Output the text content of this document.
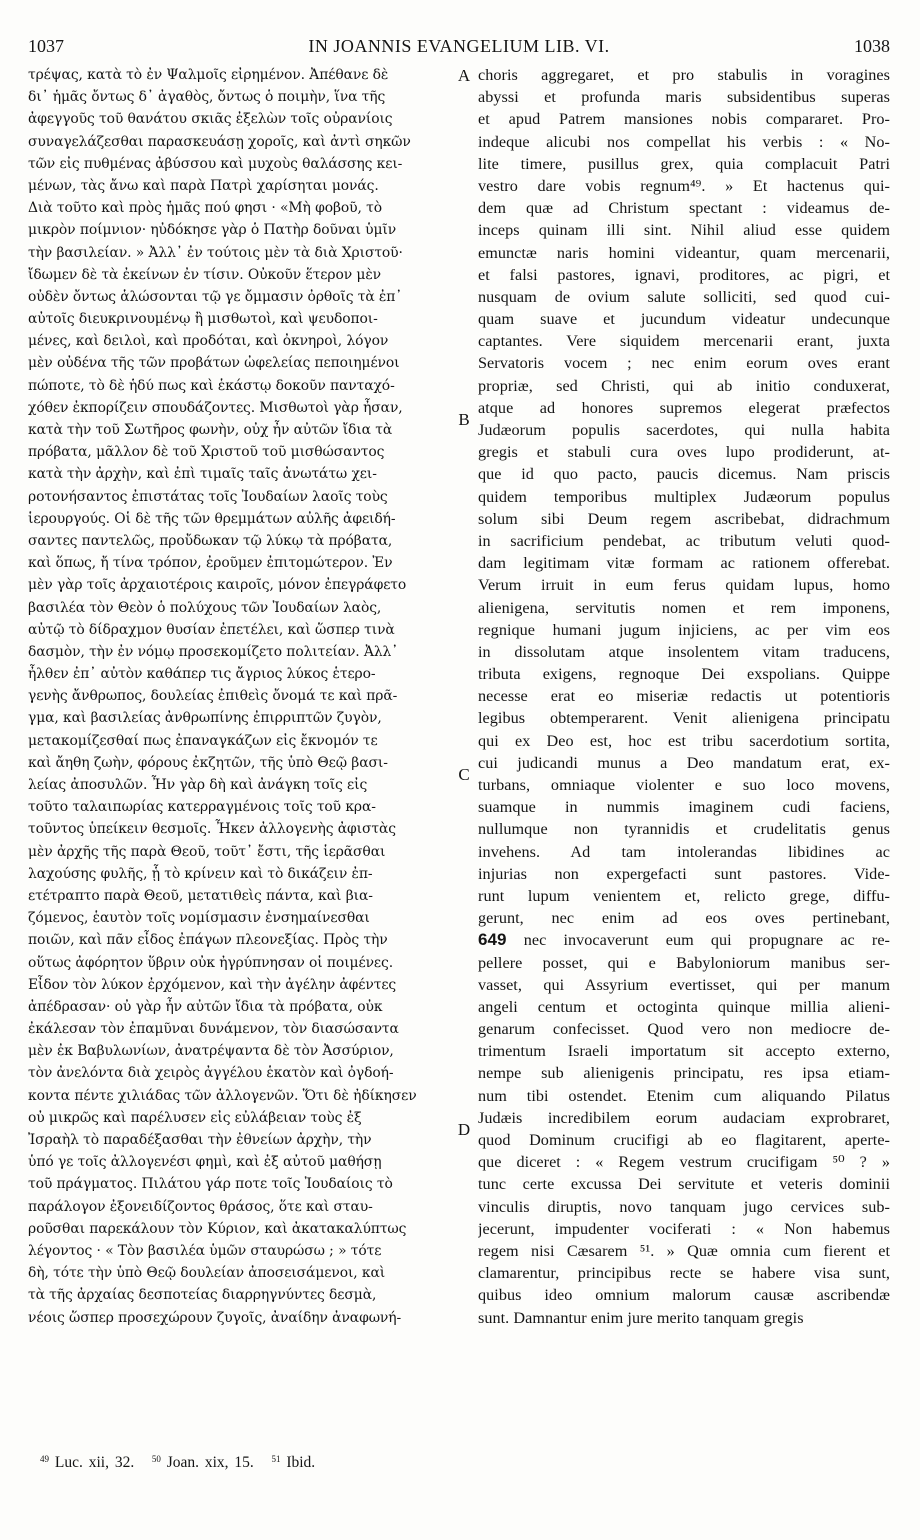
1037	IN JOANNIS EVANGELIUM LIB. VI.	1038
τρέψας, κατὰ τὸ ἐν Ψαλμοῖς εἰρημένον. Ἀπέθανε δὲ
δι᾽ ἡμᾶς ὄντως δ᾽ ἀγαθὸς, ὄντως ὁ ποιμὴν, ἵνα τῆς
ἀφεγγοῦς τοῦ θανάτου σκιᾶς ἐξελὼν τοῖς οὐρανίοις
συναγελάζεσθαι παρασκευάσῃ χοροῖς, καὶ ἀντὶ σηκῶν
τῶν εἰς πυθμένας ἀβύσσου καὶ μυχοὺς θαλάσσης κει-
μένων, τὰς ἄνω καὶ παρὰ Πατρὶ χαρίσηται μονάς.
Διὰ τοῦτο καὶ πρὸς ἡμᾶς πού φησι · «Μὴ φοβοῦ, τὸ
μικρὸν ποίμνιον· ηὐδόκησε γὰρ ὁ Πατὴρ δοῦναι ὑμῖν
τὴν βασιλείαν. » Ἀλλ᾽ ἐν τούτοις μὲν τὰ διὰ Χριστοῦ·
ἴδωμεν δὲ τὰ ἐκείνων ἐν τίσιν. Οὐκοῦν ἕτερον μὲν
οὐδὲν ὄντως ἁλώσονται τῷ γε ὄμμασιν ὀρθοῖς τὰ ἐπ᾽
αὐτοῖς διευκρινουμένῳ ἢ μισθωτοὶ, καὶ ψευδοποι-
μένες, καὶ δειλοὶ, καὶ προδόται, καὶ ὀκνηροὶ, λόγον
μὲν οὐδένα τῆς τῶν προβάτων ὠφελείας πεποιημένοι
πώποτε, τὸ δὲ ἡδύ πως καὶ ἑκάστῳ δοκοῦν πανταχό-
χόθεν ἐκπορίζειν σπουδάζοντες. Μισθωτοὶ γὰρ ἦσαν,
κατὰ τὴν τοῦ Σωτῆρος φωνὴν, οὐχ ἦν αὐτῶν ἴδια τὰ
πρόβατα, μᾶλλον δὲ τοῦ Χριστοῦ τοῦ μισθώσαντος
κατὰ τὴν ἀρχὴν, καὶ ἐπὶ τιμαῖς ταῖς ἀνωτάτω χει-
ροτονήσαντος ἐπιστάτας τοῖς Ἰουδαίων λαοῖς τοὺς
ἱερουργούς. Οἱ δὲ τῆς τῶν θρεμμάτων αὐλῆς ἀφειδή-
σαντες παντελῶς, προὔδωκαν τῷ λύκῳ τὰ πρόβατα,
καὶ ὅπως, ἤ τίνα τρόπον, ἐροῦμεν ἐπιτομώτερον. Ἐν
μὲν γὰρ τοῖς ἀρχαιοτέροις καιροῖς, μόνον ἐπεγράφετο
βασιλέα τὸν Θεὸν ὁ πολύχους τῶν Ἰουδαίων λαὸς,
αὐτῷ τὸ δίδραχμον θυσίαν ἐπετέλει, καὶ ὥσπερ τινὰ
δασμὸν, τὴν ἐν νόμῳ προσεκομίζετο πολιτείαν. Ἀλλ᾽
ἦλθεν ἐπ᾽ αὐτὸν καθάπερ τις ἄγριος λύκος ἑτερο-
γενὴς ἄνθρωπος, δουλείας ἐπιθεὶς ὄνομά τε καὶ πρᾶ-
γμα, καὶ βασιλείας ἀνθρωπίνης ἐπιρριπτῶν ζυγὸν,
μετακομίζεσθαί πως ἐπαναγκάζων εἰς ἔκνομόν τε
καὶ ἄηθη ζωὴν, φόρους ἐκζητῶν, τῆς ὑπὸ Θεῷ βασι-
λείας ἀποσυλῶν. Ἦν γὰρ δὴ καὶ ἀνάγκη τοῖς εἰς
τοῦτο ταλαιπωρίας κατερραγμένοις τοῖς τοῦ κρα-
τοῦντος ὑπείκειν θεσμοῖς. Ἦκεν ἀλλογενὴς ἀφιστὰς
μὲν ἀρχῆς τῆς παρὰ Θεοῦ, τοῦτ᾽ ἔστι, τῆς ἱερᾶσθαι
λαχούσης φυλῆς, ᾗ τὸ κρίνειν καὶ τὸ δικάζειν ἐπ-
ετέτραπτο παρὰ Θεοῦ, μετατιθεὶς πάντα, καὶ βια-
ζόμενος, ἑαυτὸν τοῖς νομίσμασιν ἐνσημαίνεσθαι
ποιῶν, καὶ πᾶν εἶδος ἐπάγων πλεονεξίας. Πρὸς τὴν
οὕτως ἀφόρητον ὕβριν οὐκ ἠγρύπνησαν οἱ ποιμένες.
Εἶδον τὸν λύκον ἐρχόμενον, καὶ τὴν ἀγέλην ἀφέντες
ἀπέδρασαν· οὐ γὰρ ἦν αὐτῶν ἴδια τὰ πρόβατα, οὐκ
ἐκάλεσαν τὸν ἐπαμῦναι δυνάμενον, τὸν διασώσαντα
μὲν ἐκ Βαβυλωνίων, ἀνατρέψαντα δὲ τὸν Ἀσσύριον,
τὸν ἀνελόντα διὰ χειρὸς ἀγγέλου ἑκατὸν καὶ ὀγδοή-
κοντα πέντε χιλιάδας τῶν ἀλλογενῶν. Ὅτι δὲ ἠδίκησεν
οὐ μικρῶς καὶ παρέλυσεν εἰς εὐλάβειαν τοὺς ἐξ
Ἰσραὴλ τὸ παραδέξασθαι τὴν ἐθνείων ἀρχὴν, τὴν
ὑπό γε τοῖς ἀλλογενέσι φημὶ, καὶ ἐξ αὐτοῦ μαθήσῃ
τοῦ πράγματος. Πιλάτου γάρ ποτε τοῖς Ἰουδαίοις τὸ
παράλογον ἐξονειδίζοντος θράσος, ὅτε καὶ σταυ-
ροῦσθαι παρεκάλουν τὸν Κύριον, καὶ ἀκατακαλύπτως
λέγοντος · « Τὸν βασιλέα ὑμῶν σταυρώσω ; » τότε
δὴ, τότε τὴν ὑπὸ Θεῷ δουλείαν ἀποσεισάμενοι, καὶ
τὰ τῆς ἀρχαίας δεσποτείας διαρρηγνύντες δεσμὰ,
νέοις ὥσπερ προσεχώρουν ζυγοῖς, ἀναίδην ἀναφωνή-
choris aggregaret, et pro stabulis in voragines
abyssi et profunda maris subsidentibus superas
et apud Patrem mansiones nobis compararet. Pro-
indeque alicubi nos compellat his verbis : « No-
lite timere, pusillus grex, quia complacuit Patri
vestro dare vobis regnum⁴⁹. » Et hactenus qui-
dem quæ ad Christum spectant : videamus de-
inceps quinam illi sint. Nihil aliud esse quidem
emunctæ naris homini videantur, quam mercenarii,
et falsi pastores, ignavi, proditores, ac pigri, et
nusquam de ovium salute solliciti, sed quod cui-
quam suave et jucundum videatur undecunque
captantes. Vere siquidem mercenarii erant, juxta
Servatoris vocem ; nec enim eorum oves erant
propriæ, sed Christi, qui ab initio conduxerat,
atque ad honores supremos elegerat præfectos
Judæorum populis sacerdotes, qui nulla habita
gregis et stabuli cura oves lupo prodiderunt, at-
que id quo pacto, paucis dicemus. Nam priscis
quidem temporibus multiplex Judæorum populus
solum sibi Deum regem ascribebat, didrachmum
in sacrificium pendebat, ac tributum veluti quod-
dam legitimam vitæ formam ac rationem offerebat.
Verum irruit in eum ferus quidam lupus, homo
alienigena, servitutis nomen et rem imponens,
regnique humani jugum injiciens, ac per vim eos
in dissolutam atque insolentem vitam traducens,
tributa exigens, regnoque Dei exspolians. Quippe
necesse erat eo miseriæ redactis ut potentioris
legibus obtemperarent. Venit alienigena principatu
qui ex Deo est, hoc est tribu sacerdotium sortita,
cui judicandi munus a Deo mandatum erat, ex-
turbans, omniaque violenter e suo loco movens,
suamque in nummis imaginem cudi faciens,
nullumque non tyrannidis et crudelitatis genus
invehens. Ad tam intolerandas libidines ac
injurias non expergefacti sunt pastores. Vide-
runt lupum venientem et, relicto grege, diffu-
gerunt, nec enim ad eos oves pertinebant,
649 nec invocaverunt eum qui propugnare ac re-
pellere posset, qui e Babyloniorum manibus ser-
vasset, qui Assyrium evertisset, qui per manum
angeli centum et octoginta quinque millia alieni-
genarum confecisset. Quod vero non mediocre de-
trimentum Israeli importatum sit accepto externo,
nempe sub alienigenis principatu, res ipsa etiam-
num tibi ostendet. Etenim cum aliquando Pilatus
Judæis incredibilem eorum audaciam exprobraret,
quod Dominum crucifigi ab eo flagitarent, aperte-
que diceret : « Regem vestrum crucifigam ⁵⁰ ? »
tunc certe excussa Dei servitute et veteris dominii
vinculis diruptis, novo tanquam jugo cervices sub-
jecerunt, impudenter vociferati : « Non habemus
regem nisi Cæsarem ⁵¹. » Quæ omnia cum fierent et
clamarentur, principibus recte se habere visa sunt,
quibus ideo omnium malorum causæ ascribendæ
sunt. Damnantur enim jure merito tanquam gregis
A
B
C
D
$^{49}$ Luc. xii, 32. $^{50}$ Joan. xix, 15. $^{51}$ Ibid.
